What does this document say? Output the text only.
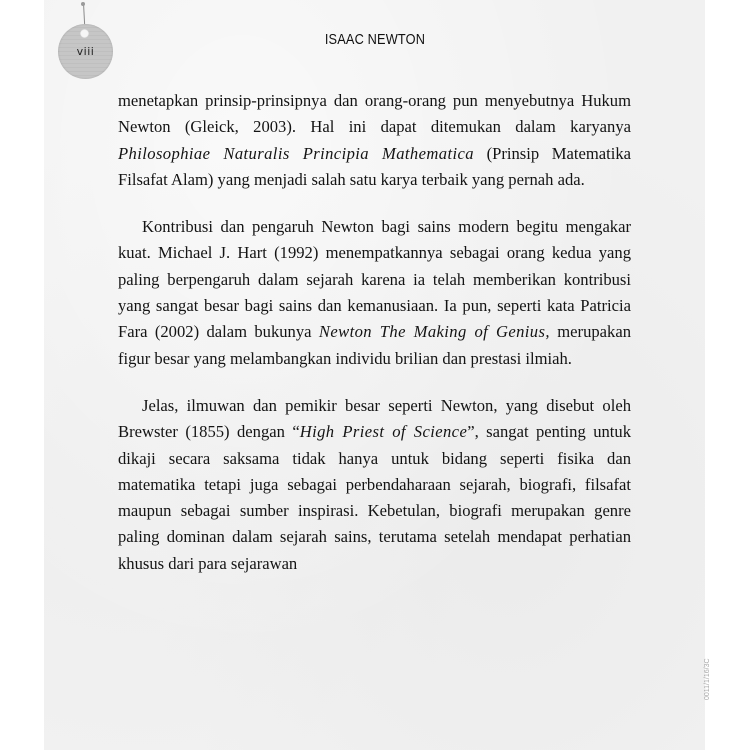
viii
ISAAC NEWTON

menetapkan prinsip-prinsipnya dan orang-orang pun menyebutnya Hukum Newton (Gleick, 2003). Hal ini dapat ditemukan dalam karyanya Philosophiae Naturalis Principia Mathematica (Prinsip Matematika Filsafat Alam) yang menjadi salah satu karya terbaik yang pernah ada.

Kontribusi dan pengaruh Newton bagi sains modern begitu mengakar kuat. Michael J. Hart (1992) menempatkannya sebagai orang kedua yang paling berpengaruh dalam sejarah karena ia telah memberikan kontribusi yang sangat besar bagi sains dan kemanusiaan. Ia pun, seperti kata Patricia Fara (2002) dalam bukunya Newton The Making of Genius, merupakan figur besar yang melambangkan individu brilian dan prestasi ilmiah.

Jelas, ilmuwan dan pemikir besar seperti Newton, yang disebut oleh Brewster (1855) dengan “High Priest of Science”, sangat penting untuk dikaji secara saksama tidak hanya untuk bidang seperti fisika dan matematika tetapi juga sebagai perbendaharaan sejarah, biografi, filsafat maupun sebagai sumber inspirasi. Kebetulan, biografi merupakan genre paling dominan dalam sejarah sains, terutama setelah mendapat perhatian khusus dari para sejarawan

0011/1/16/3C
